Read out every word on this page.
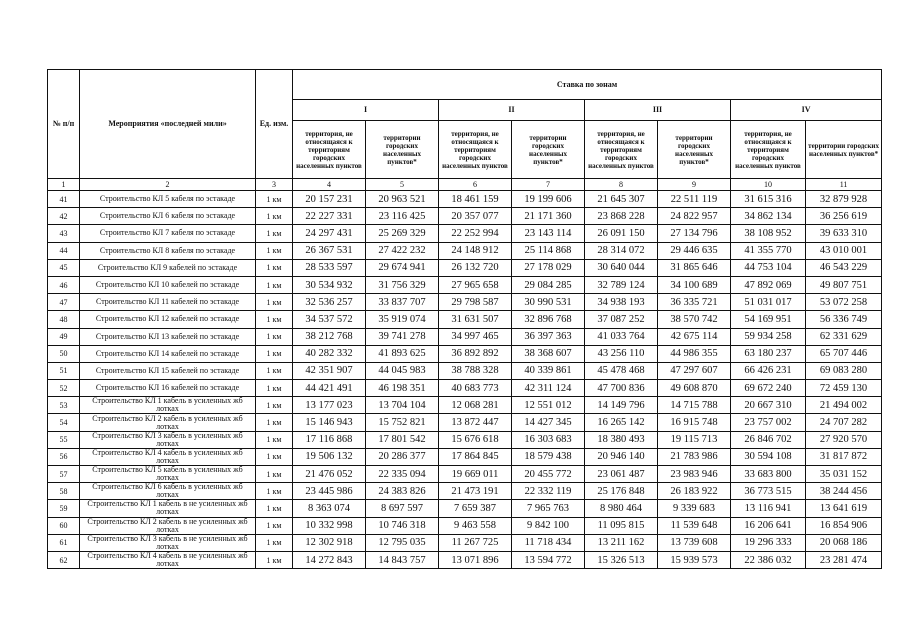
№ п/п	Мероприятия «последней мили»	Ед. изм.	Ставка по зонам							
			I		II		III		IV	
			территория, не относящаяся к территориям городских населенных пунктов	территории городских населенных пунктов*	территория, не относящаяся к территориям городских населенных пунктов	территории городских населенных пунктов*	территория, не относящаяся к территориям городских населенных пунктов	территории городских населенных пунктов*	территория, не относящаяся к территориям городских населенных пунктов	территории городских населенных пунктов*
1	2	3	4	5	6	7	8	9	10	11
41	Строительство КЛ 5 кабеля по эстакаде	1 км	20 157 231	20 963 521	18 461 159	19 199 606	21 645 307	22 511 119	31 615 316	32 879 928
42	Строительство КЛ 6 кабеля по эстакаде	1 км	22 227 331	23 116 425	20 357 077	21 171 360	23 868 228	24 822 957	34 862 134	36 256 619
43	Строительство КЛ 7 кабеля по эстакаде	1 км	24 297 431	25 269 329	22 252 994	23 143 114	26 091 150	27 134 796	38 108 952	39 633 310
44	Строительство КЛ 8 кабеля по эстакаде	1 км	26 367 531	27 422 232	24 148 912	25 114 868	28 314 072	29 446 635	41 355 770	43 010 001
45	Строительство КЛ 9 кабелей по эстакаде	1 км	28 533 597	29 674 941	26 132 720	27 178 029	30 640 044	31 865 646	44 753 104	46 543 229
46	Строительство КЛ 10 кабелей по эстакаде	1 км	30 534 932	31 756 329	27 965 658	29 084 285	32 789 124	34 100 689	47 892 069	49 807 751
47	Строительство КЛ 11 кабелей по эстакаде	1 км	32 536 257	33 837 707	29 798 587	30 990 531	34 938 193	36 335 721	51 031 017	53 072 258
48	Строительство КЛ 12 кабелей по эстакаде	1 км	34 537 572	35 919 074	31 631 507	32 896 768	37 087 252	38 570 742	54 169 951	56 336 749
49	Строительство КЛ 13 кабелей по эстакаде	1 км	38 212 768	39 741 278	34 997 465	36 397 363	41 033 764	42 675 114	59 934 258	62 331 629
50	Строительство КЛ 14 кабелей по эстакаде	1 км	40 282 332	41 893 625	36 892 892	38 368 607	43 256 110	44 986 355	63 180 237	65 707 446
51	Строительство КЛ 15 кабелей по эстакаде	1 км	42 351 907	44 045 983	38 788 328	40 339 861	45 478 468	47 297 607	66 426 231	69 083 280
52	Строительство КЛ 16 кабелей по эстакаде	1 км	44 421 491	46 198 351	40 683 773	42 311 124	47 700 836	49 608 870	69 672 240	72 459 130
53	Строительство КЛ 1 кабель в усиленных жб лотках	1 км	13 177 023	13 704 104	12 068 281	12 551 012	14 149 796	14 715 788	20 667 310	21 494 002
54	Строительство КЛ 2 кабель в усиленных жб лотках	1 км	15 146 943	15 752 821	13 872 447	14 427 345	16 265 142	16 915 748	23 757 002	24 707 282
55	Строительство КЛ 3 кабель в усиленных жб лотках	1 км	17 116 868	17 801 542	15 676 618	16 303 683	18 380 493	19 115 713	26 846 702	27 920 570
56	Строительство КЛ 4 кабель в усиленных жб лотках	1 км	19 506 132	20 286 377	17 864 845	18 579 438	20 946 140	21 783 986	30 594 108	31 817 872
57	Строительство КЛ 5 кабель в усиленных жб лотках	1 км	21 476 052	22 335 094	19 669 011	20 455 772	23 061 487	23 983 946	33 683 800	35 031 152
58	Строительство КЛ 6 кабель в усиленных жб лотках	1 км	23 445 986	24 383 826	21 473 191	22 332 119	25 176 848	26 183 922	36 773 515	38 244 456
59	Строительство КЛ 1 кабель в не усиленных жб лотках	1 км	8 363 074	8 697 597	7 659 387	7 965 763	8 980 464	9 339 683	13 116 941	13 641 619
60	Строительство КЛ 2 кабель в не усиленных жб лотках	1 км	10 332 998	10 746 318	9 463 558	9 842 100	11 095 815	11 539 648	16 206 641	16 854 906
61	Строительство КЛ 3 кабель в не усиленных жб лотках	1 км	12 302 918	12 795 035	11 267 725	11 718 434	13 211 162	13 739 608	19 296 333	20 068 186
62	Строительство КЛ 4 кабель в не усиленных жб лотках	1 км	14 272 843	14 843 757	13 071 896	13 594 772	15 326 513	15 939 573	22 386 032	23 281 474
